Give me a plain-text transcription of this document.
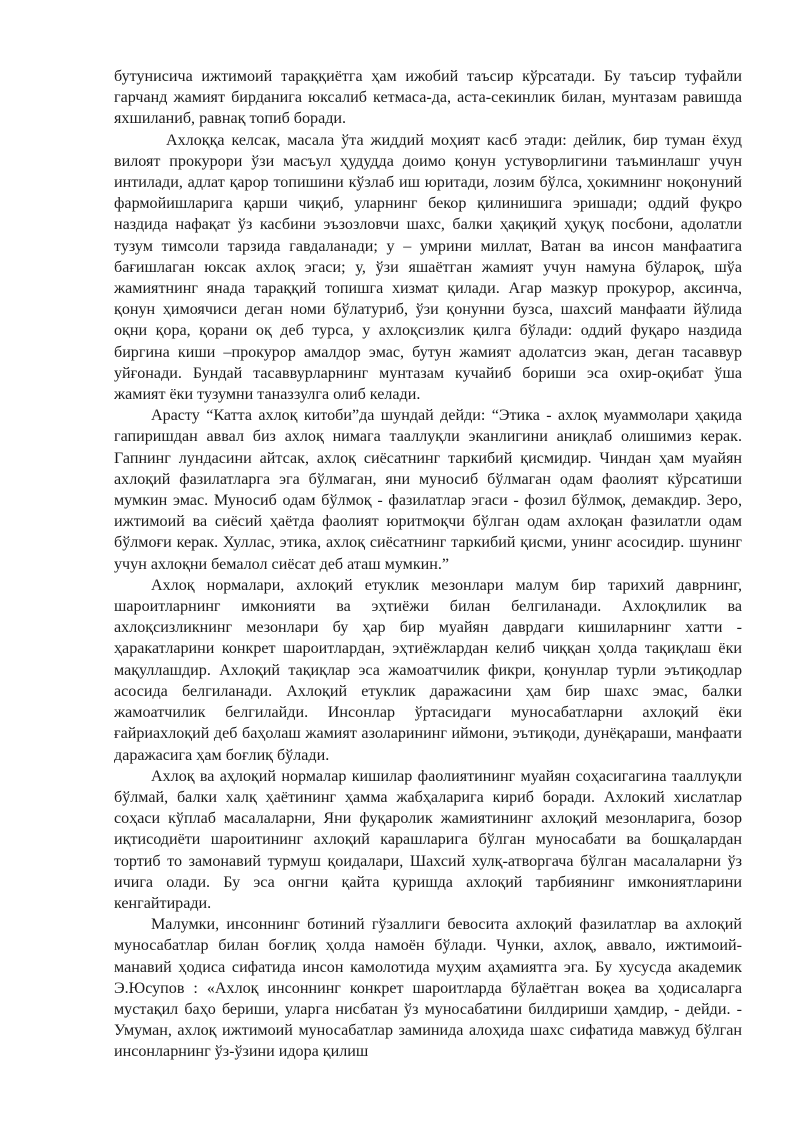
бутунисича ижтимоий тараққиётга ҳам ижобий таъсир кўрсатади. Бу таъсир туфайли гарчанд жамият бирданига юксалиб кетмаса-да, аста-секинлик билан, мунтазам равишда яхшиланиб, равнақ топиб боради.

Ахлоққа келсак, масала ўта жиддий моҳият касб этади: дейлик, бир туман ёхуд вилоят прокурори ўзи масъул ҳудудда доимо қонун устуворлигини таъминлашг учун интилади, адлат қарор топишини кўзлаб иш юритади, лозим бўлса, ҳокимнинг ноқонуний фармойишларига қарши чиқиб, уларнинг бекор қилинишига эришади; оддий фуқро наздида нафақат ўз касбини эъзозловчи шахс, балки ҳақиқий ҳуқуқ посбони, адолатли тузум тимсоли тарзида гавдаланади; у – умрини миллат, Ватан ва инсон манфаатига бағишлаган юксак ахлоқ эгаси; у, ўзи яшаётган жамият учун намуна бўлароқ, шўа жамиятнинг янада тараққий топишга хизмат қилади. Агар мазкур прокурор, аксинча, қонун ҳимоячиси деган номи бўлатуриб, ўзи қонунни бузса, шахсий манфаати йўлида оқни қора, қорани оқ деб турса, у ахлоқсизлик қилга бўлади: оддий фуқаро наздида биргина киши –прокурор амалдор эмас, бутун жамият адолатсиз экан, деган тасаввур уйғонади. Бундай тасаввурларнинг мунтазам кучайиб бориши эса охир-оқибат ўша жамият ёки тузумни таназзулга олиб келади.

Арасту “Катта ахлоқ китоби”да шундай дейди: “Этика - ахлоқ муаммолари ҳақида гапиришдан аввал биз ахлоқ нимага тааллуқли эканлигини аниқлаб олишимиз керак. Гапнинг лундасини айтсак, ахлоқ сиёсатнинг таркибий қисмидир. Чиндан ҳам муайян ахлоқий фазилатларга эга бўлмаган, яни муносиб бўлмаган одам фаолият кўрсатиши мумкин эмас. Муносиб одам бўлмоқ - фазилатлар эгаси - фозил бўлмоқ, демакдир. Зеро, ижтимоий ва сиёсий ҳаётда фаолият юритмоқчи бўлган одам ахлоқан фазилатли одам бўлмоғи керак. Хуллас, этика, ахлоқ сиёсатнинг таркибий қисми, унинг асосидир. шунинг учун ахлоқни бемалол сиёсат деб аташ мумкин.”

Ахлоқ нормалари, ахлоқий етуклик мезонлари малум бир тарихий даврнинг, шароитларнинг имконияти ва эҳтиёжи билан белгиланади. Ахлоқлилик ва ахлоқсизликнинг мезонлари бу ҳар бир муайян даврдаги кишиларнинг хатти - ҳаракатларини конкрет шароитлардан, эҳтиёжлардан келиб чиққан ҳолда тақиқлаш ёки мақуллашдир. Ахлоқий тақиқлар эса жамоатчилик фикри, қонунлар турли эътиқодлар асосида белгиланади. Ахлоқий етуклик даражасини ҳам бир шахс эмас, балки жамоатчилик белгилайди. Инсонлар ўртасидаги муносабатларни ахлоқий ёки ғайриахлоқий деб баҳолаш жамият азоларининг иймони, эътиқоди, дунёқараши, манфаати даражасига ҳам боғлиқ бўлади.

Ахлоқ ва аҳлоқий нормалар кишилар фаолиятининг муайян соҳасигагина тааллуқли бўлмай, балки халқ ҳаётининг ҳамма жабҳаларига кириб боради. Ахлокий хислатлар соҳаси кўплаб масалаларни, Яни фуқаролик жамиятининг ахлоқий мезонларига, бозор иқтисодиёти шароитининг ахлоқий карашларига бўлган муносабати ва бошқалардан тортиб то замонавий турмуш қоидалари, Шахсий хулқ-атворгача бўлган масалаларни ўз ичига олади. Бу эса онгни қайта қуришда ахлоқий тарбиянинг имкониятларини кенгайтиради.

Малумки, инсоннинг ботиний гўзаллиги бевосита ахлоқий фазилатлар ва ахлоқий муносабатлар билан боғлиқ ҳолда намоён бўлади. Чунки, ахлоқ, аввало, ижтимоий-манавий ҳодиса сифатида инсон камолотида муҳим аҳамиятга эга. Бу хусусда академик Э.Юсупов : «Ахлоқ инсоннинг конкрет шароитларда бўлаётган воқеа ва ҳодисаларга мустақил баҳо бериши, уларга нисбатан ўз муносабатини билдириши ҳамдир, - дейди. - Умуман, ахлоқ ижтимоий муносабатлар заминида алоҳида шахс сифатида мавжуд бўлган инсонларнинг ўз-ўзини идора қилиш
